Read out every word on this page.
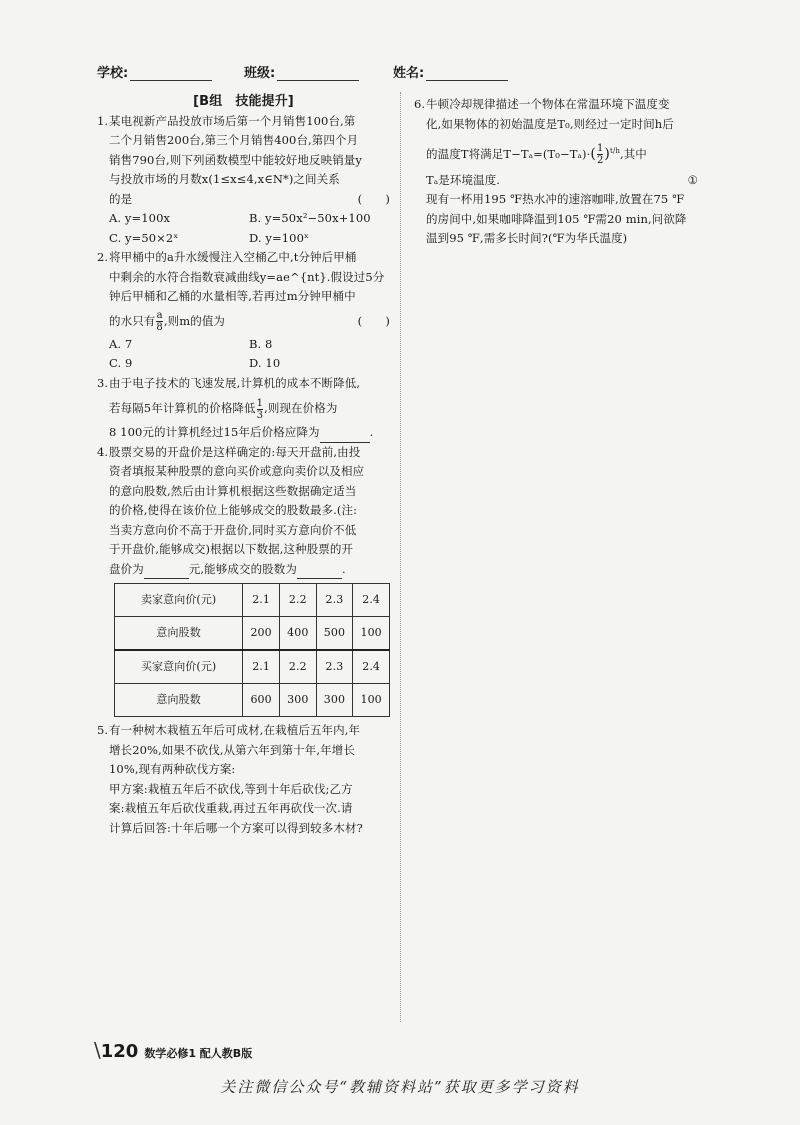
学校:	班级:	姓名:

[B组　技能提升]

1.某电视新产品投放市场后第一个月销售100台,第

二个月销售200台,第三个月销售400台,第四个月

销售790台,则下列函数模型中能较好地反映销量y

与投放市场的月数x(1≤x≤4,x∈N*)之间关系

的是	(　　)

A. y=100x	B. y=50x²−50x+100

C. y=50×2ˣ	D. y=100ˣ

2.将甲桶中的a升水缓慢注入空桶乙中,t分钟后甲桶

中剩余的水符合指数衰减曲线y=ae^{nt}.假设过5分

钟后甲桶和乙桶的水量相等,若再过m分钟甲桶中

的水只有 $\frac{a}{8}$ ,则m的值为	(　　)

A. 7	B. 8

C. 9	D. 10

3.由于电子技术的飞速发展,计算机的成本不断降低,

若每隔5年计算机的价格降低 $\frac{1}{3}$ ,则现在价格为

8 100元的计算机经过15年后价格应降为	.

4.股票交易的开盘价是这样确定的:每天开盘前,由投

资者填报某种股票的意向买价或意向卖价以及相应

的意向股数,然后由计算机根据这些数据确定适当

的价格,使得在该价位上能够成交的股数最多.(注:

当卖方意向价不高于开盘价,同时买方意向价不低

于开盘价,能够成交)根据以下数据,这种股票的开

盘价为	元,能够成交的股数为	.

卖家意向价(元)	2.1	2.2	2.3	2.4
意向股数	200	400	500	100
买家意向价(元)	2.1	2.2	2.3	2.4
意向股数	600	300	300	100

5.有一种树木栽植五年后可成材,在栽植后五年内,年

增长20%,如果不砍伐,从第六年到第十年,年增长

10%,现有两种砍伐方案:

甲方案:栽植五年后不砍伐,等到十年后砍伐;乙方

案:栽植五年后砍伐重栽,再过五年再砍伐一次.请

计算后回答:十年后哪一个方案可以得到较多木材?

6.牛顿冷却规律描述一个物体在常温环境下温度变

化,如果物体的初始温度是T₀,则经过一定时间h后

的温度T将满足$T-T_a=(T_0-T_a)\cdot( \frac{1}{2} )^{t/h}$,其中

Tₐ是环境温度.	①

现有一杯用195 ℉热水冲的速溶咖啡,放置在75 ℉

的房间中,如果咖啡降温到105 ℉需20 min,问欲降

温到95 ℉,需多长时间?(℉为华氏温度)

\120 数学必修1 配人教B版
关注微信公众号“教辅资料站”获取更多学习资料
